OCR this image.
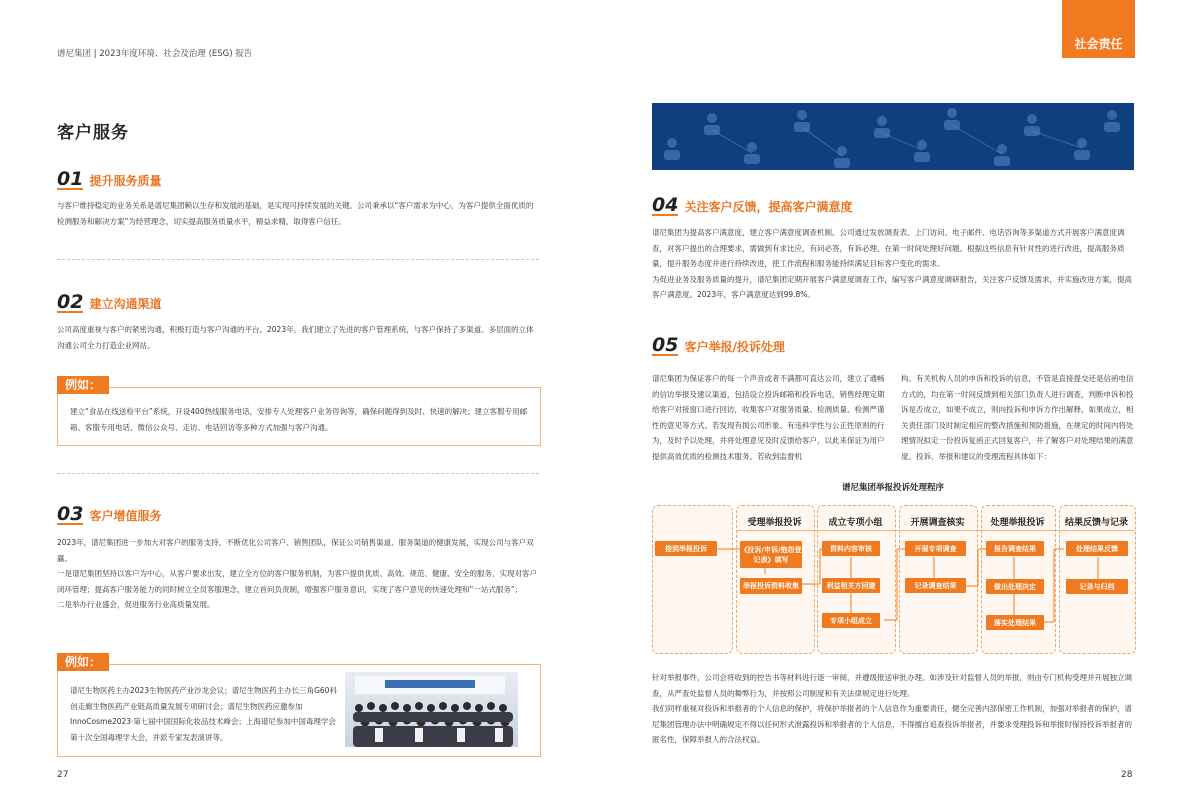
谱尼集团 | 2023年度环境、社会及治理 (ESG) 报告
社会责任
客户服务
01 提升服务质量
与客户维持稳定的业务关系是谱尼集团赖以生存和发展的基础，是实现可持续发展的关键。公司秉承以“客户需求为中心，为客户提供全面优质的检测服务和解决方案”为经营理念，切实提高服务质量水平，精益求精，取得客户信任。
02 建立沟通渠道
公司高度重视与客户的紧密沟通，积极打造与客户沟通的平台。2023年，我们建立了先进的客户管理系统，与客户保持了多渠道、多层面的立体沟通公司全力打造企业网站。
例如：
建立“食品在线送检平台”系统，开设400热线服务电话，安排专人处理客户业务咨询等，确保问题得到及时、快速的解决；建立客服专用邮箱、客服专用电话、微信公众号、走访、电话回访等多种方式加强与客户沟通。
03 客户增值服务
2023年，谱尼集团进一步加大对客户的服务支持，不断优化公司客户、销售团队，保证公司销售渠道、服务渠道的健康发展，实现公司与客户双赢。
一是谱尼集团坚持以客户为中心，从客户要求出发，建立全方位的客户服务机制，为客户提供优质、高效、规范、健康、安全的服务，实现对客户闭环管理；提高客户服务能力的同时树立全员客服理念，建立首问负责制，增强客户服务意识，实现了客户意见的快速处理和“一站式服务”；
二是举办行业盛会，促进服务行业高质量发展。
例如：
谱尼生物医药主办2023生物医药产业沙龙会议；谱尼生物医药主办长三角G60科创走廊生物医药产业链高质量发展专项研讨会；谱尼生物医药应邀参加InnoCosme2023·第七届中国国际化妆品技术峰会；上海谱尼参加中国毒理学会第十次全国毒理学大会，并派专家发表演讲等。
27
04 关注客户反馈，提高客户满意度
谱尼集团为提高客户满意度，建立客户满意度调查机制。公司通过发放调查表、上门访问、电子邮件、电话咨询等多渠道方式开展客户满意度调查，对客户提出的合理要求，需做到有求比应，有问必答，有诉必理，在第一时间处理好问题。根据这些信息有针对性的进行改进，提高服务质量，提升服务态度并进行持续改进，使工作流程和服务能持续满足目标客户变化的需求。
为促进业务及服务质量的提升，谱尼集团定期开展客户满意度调查工作，编写客户满意度调研报告，关注客户反馈及需求，并实施改进方案，提高客户满意度。2023年，客户满意度达到99.8%。
05 客户举报/投诉处理
谱尼集团为保证客户的每一个声音或者不满都可直达公司，建立了通畅的信访举报及建议渠道，包括设立投诉邮箱和投诉电话，销售经理定期给客户对接窗口进行回访，收集客户对服务质量、检测质量、检测严谨性的意见等方式。若发现有损公司形象、有违科学性与公正性原则的行为，及时予以处理，并将处理意见及时反馈给客户，以此来保证为用户提供高效优质的检测技术服务。若收到监督机
构、有关机构人员的申诉和投诉的信息，不管是直接提交还是信函电信方式的，均在第一时间反馈到相关部门负责人进行调查，判断申诉和投诉是否成立，如果不成立，则向投诉和申诉方作出解释，如果成立，相关责任部门及时制定相应的整改措施和预防措施，在规定的时间内将处理情况拟定一份投诉复函正式回复客户，并了解客户对处理结果的满意度。投诉、举报和建议的受理流程具体如下：
谱尼集团举报投诉处理程序
受理举报投诉	成立专项小组	开展调查核实	处理举报投诉	结果反馈与记录
接到举报投诉	《投诉/申诉/抱怨登记表》填写
举报投诉资料收集
资料内容审核
利益相关方回避
专项小组成立
开展专项调查
记录调查结果
报告调查结果
做出处理决定
落实处理结果
处理结果反馈
记录与归档
针对举报事件，公司会将收到的控告书等材料进行逐一审阅，并遵级报送审批办理。如涉及针对监督人员的举报，则由专门机构受理并开展独立调查，从严查处监督人员的舞弊行为，并按照公司制度和有关法律规定进行处理。
我们同样重视对投诉和举报者的个人信息的保护，将保护举报者的个人信息作为重要责任，健全完善内部保密工作机制，加强对举报者的保护，谱尼集团管理办法中明确规定不得以任何形式泄露投诉和举报者的个人信息，不得擅自追查投诉举报者，并要求受理投诉和举报时保持投诉举报者的匿名性，保障举报人的合法权益。
28
